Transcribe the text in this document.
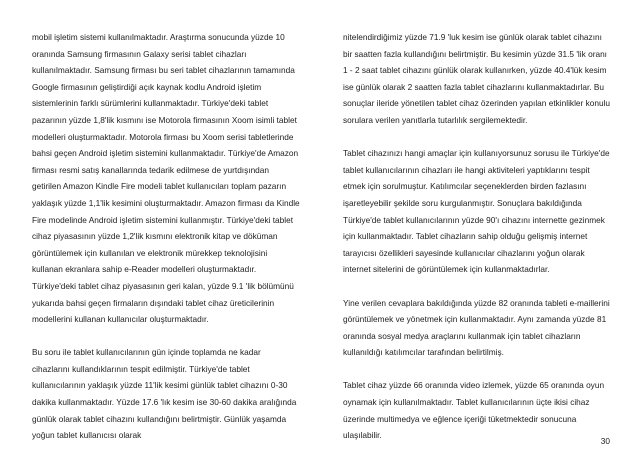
mobil işletim sistemi kullanılmaktadır. Araştırma sonucunda yüzde 10 oranında Samsung firmasının Galaxy serisi tablet cihazları kullanılmaktadır. Samsung firması bu seri tablet cihazlarının tamamında Google firmasının geliştirdiği açık kaynak kodlu Android işletim sistemlerinin farklı sürümlerini kullanmaktadır. Türkiye'deki tablet pazarının yüzde 1,8'lik kısmını ise Motorola firmasının Xoom isimli tablet modelleri oluşturmaktadır. Motorola firması bu Xoom serisi tabletlerinde bahsi geçen Android işletim sistemini kullanmaktadır. Türkiye'de Amazon firması resmi satış kanallarında tedarik edilmese de yurtdışından getirilen Amazon Kindle Fire modeli tablet kullanıcıları toplam pazarın yaklaşık yüzde 1,1'lik kesimini oluşturmaktadır. Amazon firması da Kindle Fire modelinde Android işletim sistemini kullanmıştır. Türkiye'deki tablet cihaz piyasasının yüzde 1,2'lik kısmını elektronik kitap ve döküman görüntülemek için kullanılan ve elektronik mürekkep teknolojisini kullanan ekranlara sahip e-Reader modelleri oluşturmaktadır. Türkiye'deki tablet cihaz piyasasının geri kalan, yüzde 9.1 'lik bölümünü yukarıda bahsi geçen firmaların dışındaki tablet cihaz üreticilerinin modellerini kullanan kullanıcılar oluşturmaktadır.

Bu soru ile tablet kullanıcılarının gün içinde toplamda ne kadar cihazlarını kullandıklarının tespit edilmiştir. Türkiye'de tablet kullanıcılarının yaklaşık yüzde 11'lik kesimi günlük tablet cihazını 0-30 dakika kullanmaktadır. Yüzde 17.6 'lık kesim ise 30-60 dakika aralığında günlük olarak tablet cihazını kullandığını belirtmiştir. Günlük yaşamda yoğun tablet kullanıcısı olarak

nitelendirdiğimiz yüzde 71.9 'luk kesim ise günlük olarak tablet cihazını bir saatten fazla kullandığını belirtmiştir. Bu kesimin yüzde 31.5 'lik oranı 1 - 2 saat tablet cihazını günlük olarak kullanırken, yüzde 40.4'lük kesim ise günlük olarak 2 saatten fazla tablet cihazlarını kullanmaktadırlar. Bu sonuçlar ileride yönetilen tablet cihaz özerinden yapılan etkinlikler konulu sorulara verilen yanıtlarla tutarlılık sergilemektedir.

Tablet cihazınızı hangi amaçlar için kullanıyorsunuz sorusu ile Türkiye'de tablet kullanıcılarının cihazları ile hangi aktiviteleri yaptıklarını tespit etmek için sorulmuştur. Katılımcılar seçeneklerden birden fazlasını işaretleyebilir şekilde soru kurgulanmıştır. Sonuçlara bakıldığında Türkiye'de tablet kullanıcılarının yüzde 90'ı cihazını internette gezinmek için kullanmaktadır. Tablet cihazların sahip olduğu gelişmiş internet tarayıcısı özellikleri sayesinde kullanıcılar cihazlarını yoğun olarak internet sitelerini de görüntülemek için kullanmaktadırlar.

Yine verilen cevaplara bakıldığında yüzde 82 oranında tableti e-maillerini görüntülemek ve yönetmek için kullanmaktadır. Aynı zamanda yüzde 81 oranında sosyal medya araçlarını kullanmak için tablet cihazların kullanıldığı katılımcılar tarafından belirtilmiş.

Tablet cihaz yüzde 66 oranında video izlemek, yüzde 65 oranında oyun oynamak için kullanılmaktadır. Tablet kullanıcılarının üçte ikisi cihaz üzerinde multimedya ve eğlence içeriği tüketmektedir sonucuna ulaşılabilir.

30
